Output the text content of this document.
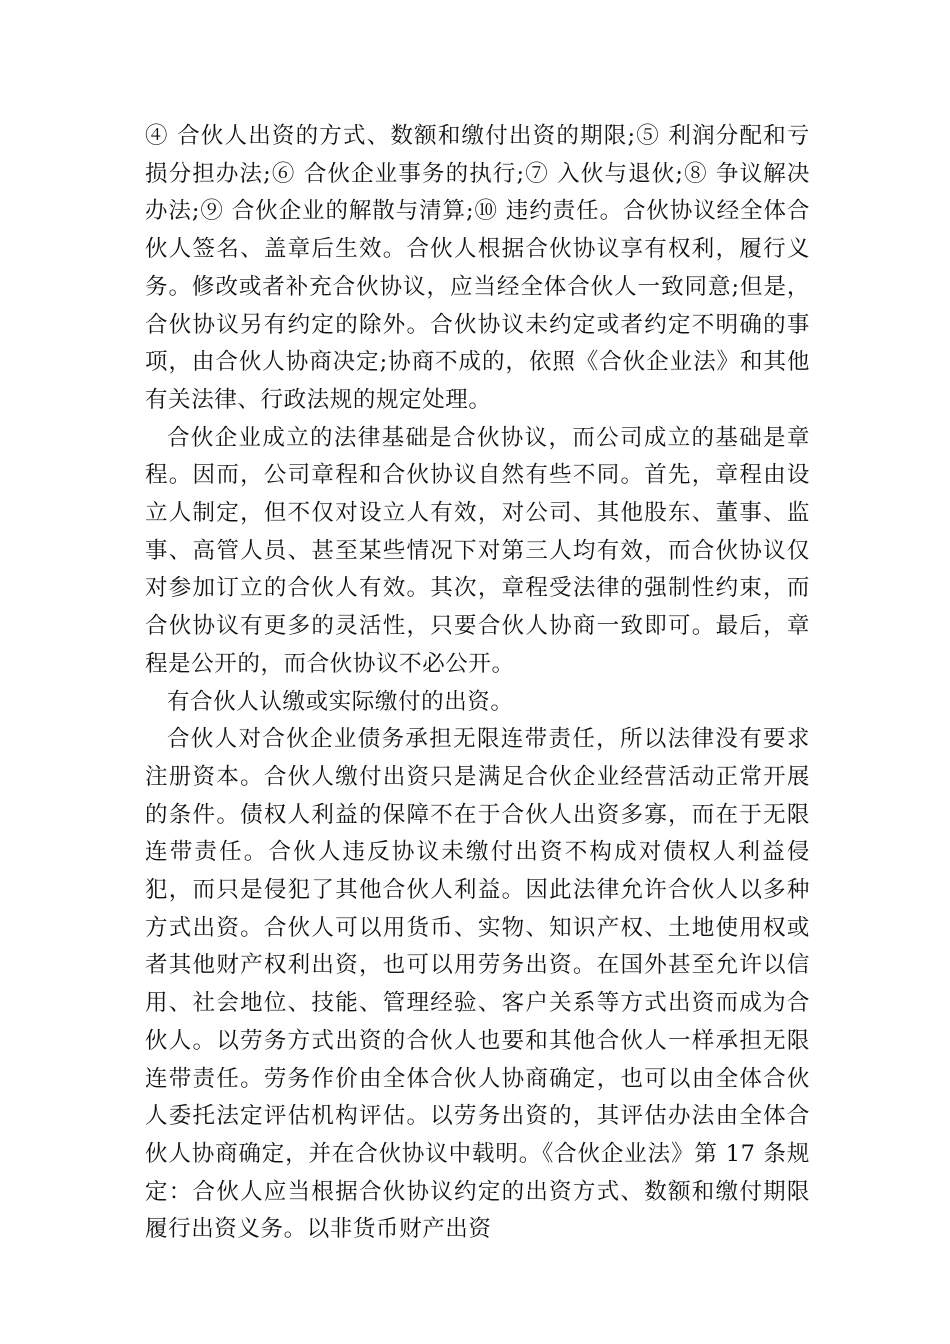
④ 合伙人出资的方式、数额和缴付出资的期限;⑤ 利润分配和亏损分担办法;⑥ 合伙企业事务的执行;⑦ 入伙与退伙;⑧ 争议解决办法;⑨ 合伙企业的解散与清算;⑩ 违约责任。合伙协议经全体合伙人签名、盖章后生效。合伙人根据合伙协议享有权利，履行义务。修改或者补充合伙协议，应当经全体合伙人一致同意;但是，合伙协议另有约定的除外。合伙协议未约定或者约定不明确的事项，由合伙人协商决定;协商不成的，依照《合伙企业法》和其他有关法律、行政法规的规定处理。

合伙企业成立的法律基础是合伙协议，而公司成立的基础是章程。因而，公司章程和合伙协议自然有些不同。首先，章程由设立人制定，但不仅对设立人有效，对公司、其他股东、董事、监事、高管人员、甚至某些情况下对第三人均有效，而合伙协议仅对参加订立的合伙人有效。其次，章程受法律的强制性约束，而合伙协议有更多的灵活性，只要合伙人协商一致即可。最后，章程是公开的，而合伙协议不必公开。

有合伙人认缴或实际缴付的出资。

合伙人对合伙企业债务承担无限连带责任，所以法律没有要求注册资本。合伙人缴付出资只是满足合伙企业经营活动正常开展的条件。债权人利益的保障不在于合伙人出资多寡，而在于无限连带责任。合伙人违反协议未缴付出资不构成对债权人利益侵犯，而只是侵犯了其他合伙人利益。因此法律允许合伙人以多种方式出资。合伙人可以用货币、实物、知识产权、土地使用权或者其他财产权利出资，也可以用劳务出资。在国外甚至允许以信用、社会地位、技能、管理经验、客户关系等方式出资而成为合伙人。以劳务方式出资的合伙人也要和其他合伙人一样承担无限连带责任。劳务作价由全体合伙人协商确定，也可以由全体合伙人委托法定评估机构评估。以劳务出资的，其评估办法由全体合伙人协商确定，并在合伙协议中载明。《合伙企业法》第 17 条规定：合伙人应当根据合伙协议约定的出资方式、数额和缴付期限履行出资义务。以非货币财产出资
